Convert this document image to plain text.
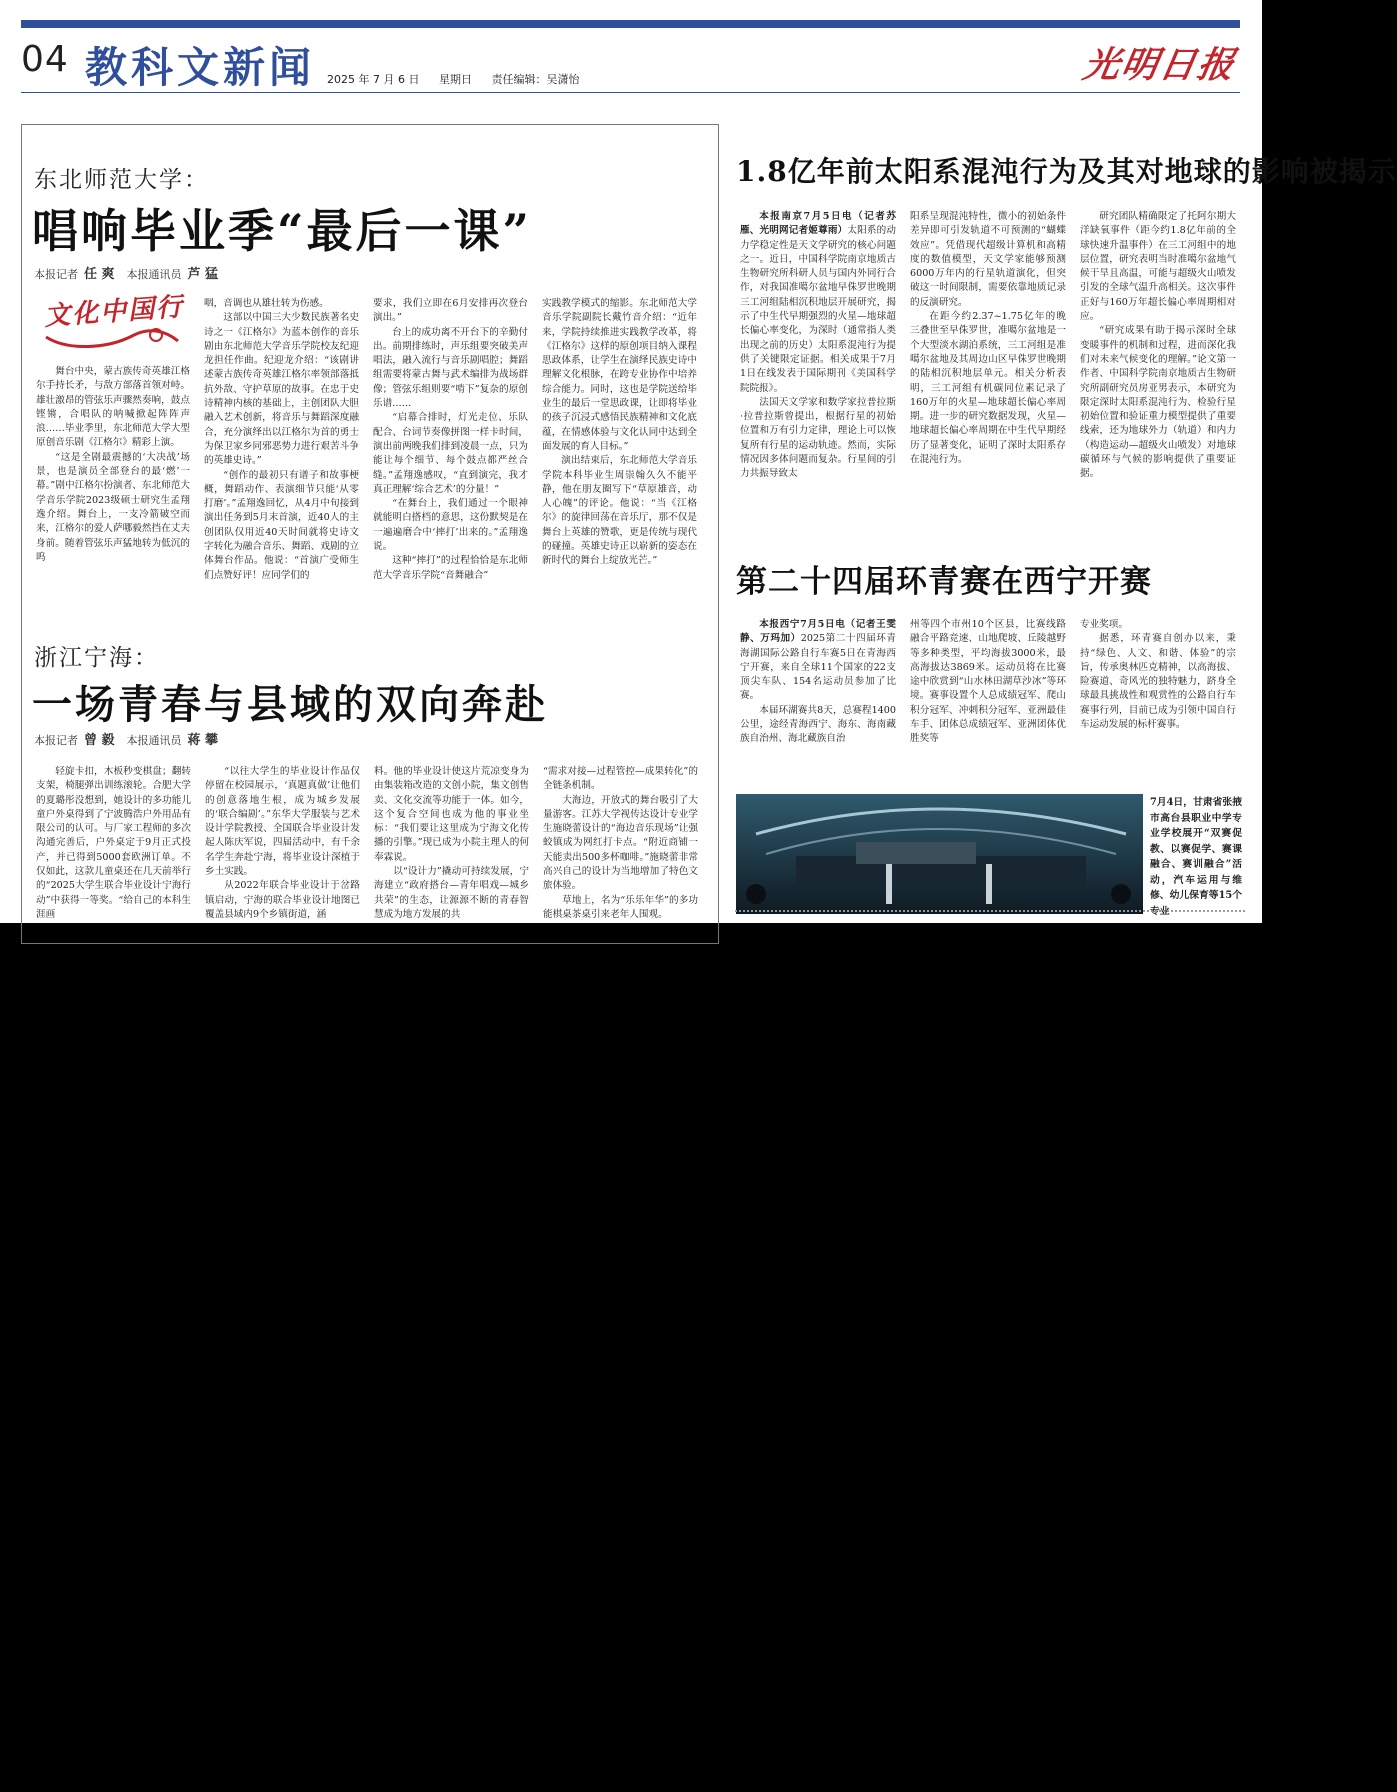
04 教科文新闻 2025 年 7 月 6 日 星期日 责任编辑：吴潇怡	光明日报
东北师范大学：
唱响毕业季“最后一课”
本报记者 任 爽 本报通讯员 芦 猛
文化中国行

舞台中央，蒙古族传奇英雄江格尔手持长矛，与敌方部落首领对峙。雄壮激昂的管弦乐声骤然奏响，鼓点铿锵，合唱队的呐喊掀起阵阵声浪……毕业季里，东北师范大学大型原创音乐剧《江格尔》精彩上演。

“这是全剧最震撼的‘大决战’场景，也是演员全部登台的最‘燃’一幕。”剧中江格尔扮演者、东北师范大学音乐学院2023级硕士研究生孟翔逸介绍。舞台上，一支冷箭破空而来，江格尔的爱人萨哪毅然挡在丈夫身前。随着管弦乐声猛地转为低沉的呜

咽，音调也从雄壮转为伤感。

这部以中国三大少数民族著名史诗之一《江格尔》为蓝本创作的音乐剧由东北师范大学音乐学院校友纪迎龙担任作曲。纪迎龙介绍：“该剧讲述蒙古族传奇英雄江格尔率领部落抵抗外敌、守护草原的故事。在忠于史诗精神内核的基础上，主创团队大胆融入艺术创新，将音乐与舞蹈深度融合，充分演绎出以江格尔为首的勇士为保卫家乡同邪恶势力进行艰苦斗争的英雄史诗。”

“创作的最初只有谱子和故事梗概，舞蹈动作、表演细节只能‘从零打磨’。”孟翔逸回忆，从4月中旬接到演出任务到5月末首演，近40人的主创团队仅用近40天时间就将史诗文字转化为融合音乐、舞蹈、戏剧的立体舞台作品。他说：“首演广受师生们点赞好评！应同学们的

要求，我们立即在6月安排再次登台演出。”

台上的成功离不开台下的辛勤付出。前期排练时，声乐组要突破美声唱法，融入流行与音乐剧唱腔；舞蹈组需要将蒙古舞与武术编排为战场群像；管弦乐组则要“啃下”复杂的原创乐谱……

“启幕合排时，灯光走位、乐队配合、台词节奏像拼图一样卡时间，演出前两晚我们排到凌晨一点，只为能让每个细节、每个鼓点都严丝合缝。”孟翔逸感叹，“直到演完，我才真正理解‘综合艺术’的分量！”

“在舞台上，我们通过一个眼神就能明白搭档的意思，这份默契是在一遍遍磨合中‘摔打’出来的。”孟翔逸说。

这种“摔打”的过程恰恰是东北师范大学音乐学院“音舞融合”

实践教学模式的缩影。东北师范大学音乐学院副院长戴竹音介绍：“近年来，学院持续推进实践教学改革，将《江格尔》这样的原创项目纳入课程思政体系，让学生在演绎民族史诗中理解文化根脉，在跨专业协作中培养综合能力。同时，这也是学院送给毕业生的最后一堂思政课，让即将毕业的孩子沉浸式感悟民族精神和文化底蕴，在情感体验与文化认同中达到全面发展的育人目标。”

演出结束后，东北师范大学音乐学院本科毕业生周崇翰久久不能平静，他在朋友圈写下“草原雄音，动人心魄”的评论。他说：“当《江格尔》的旋律回荡在音乐厅，那不仅是舞台上英雄的赞歌，更是传统与现代的碰撞。英雄史诗正以崭新的姿态在新时代的舞台上绽放光芒。”

浙江宁海：
一场青春与县域的双向奔赴
本报记者 曾 毅 本报通讯员 蒋 攀

轻旋卡扣，木板秒变棋盘；翻转支架，椅腿弹出训练滚轮。合肥大学的夏璐彤没想到，她设计的多功能儿童户外桌得到了宁波腾浩户外用品有限公司的认可。与厂家工程师的多次沟通完善后，户外桌定于9月正式投产，并已得到5000套欧洲订单。不仅如此，这款儿童桌还在几天前举行的“2025大学生联合毕业设计宁海行动”中获得一等奖。“给自己的本科生涯画

“以往大学生的毕业设计作品仅停留在校园展示，‘真题真做’让他们的创意落地生根，成为城乡发展的‘联合编剧’。”东华大学服装与艺术设计学院教授、全国联合毕业设计发起人陈庆军说，四届活动中，有千余名学生奔赴宁海，将毕业设计深植于乡土实践。

从2022年联合毕业设计于岔路镇启动，宁海的联合毕业设计地图已覆盖县域内9个乡镇街道，涵

料。他的毕业设计使这片荒凉变身为由集装箱改造的文创小院，集文创售卖、文化交流等功能于一体。如今，这个复合空间也成为他的事业坐标：“我们要让这里成为宁海文化传播的引擎。”现已成为小院主理人的何奉霖说。

以“设计力”撬动可持续发展，宁海建立“政府搭台—青年唱戏—城乡共荣”的生态，让源源不断的青春智慧成为地方发展的共

“需求对接—过程管控—成果转化”的全链条机制。

大海边，开放式的舞台吸引了大量游客。江苏大学视传达设计专业学生施晓蕾设计的“海边音乐现场”让强蛟镇成为网红打卡点。“附近商铺一天能卖出500多杯咖啡。”施晓蕾非常高兴自己的设计为当地增加了特色文旅体验。

草地上，名为“乐乐年华”的多功能棋桌茶桌引来老年人围观。

1.8亿年前太阳系混沌行为及其对地球的影响被揭示

本报南京7月5日电（记者苏雁、光明网记者姬尊雨）太阳系的动力学稳定性是天文学研究的核心问题之一。近日，中国科学院南京地质古生物研究所科研人员与国内外同行合作，对我国准噶尔盆地早侏罗世晚期三工河组陆相沉积地层开展研究，揭示了中生代早期强烈的火星—地球超长偏心率变化，为深时（通常指人类出现之前的历史）太阳系混沌行为提供了关键限定证据。相关成果于7月1日在线发表于国际期刊《美国科学院院报》。

法国天文学家和数学家拉普拉斯·拉普拉斯曾提出，根据行星的初始位置和万有引力定律，理论上可以恢复所有行星的运动轨迹。然而，实际情况因多体问题而复杂。行星间的引力共振导致太

阳系呈现混沌特性，微小的初始条件差异即可引发轨道不可预测的“蝴蝶效应”。凭借现代超级计算机和高精度的数值模型，天文学家能够预测6000万年内的行星轨道演化，但突破这一时间限制，需要依靠地质记录的反演研究。

在距今约2.37~1.75亿年的晚三叠世至早侏罗世，准噶尔盆地是一个大型淡水湖泊系统，三工河组是准噶尔盆地及其周边山区早侏罗世晚期的陆相沉积地层单元。相关分析表明，三工河组有机碳同位素记录了160万年的火星—地球超长偏心率周期。进一步的研究数据发现，火星—地球超长偏心率周期在中生代早期经历了显著变化，证明了深时太阳系存在混沌行为。

研究团队精确限定了托阿尔期大洋缺氧事件（距今约1.8亿年前的全球快速升温事件）在三工河组中的地层位置，研究表明当时准噶尔盆地气候干旱且高温，可能与超级火山喷发引发的全球气温升高相关。这次事件正好与160万年超长偏心率周期相对应。

“研究成果有助于揭示深时全球变暖事件的机制和过程，进而深化我们对未来气候变化的理解。”论文第一作者、中国科学院南京地质古生物研究所副研究员房亚男表示，本研究为限定深时太阳系混沌行为、检验行星初始位置和验证重力模型提供了重要线索，还为地球外力（轨道）和内力（构造运动—超级火山喷发）对地球碳循环与气候的影响提供了重要证据。

第二十四届环青赛在西宁开赛

本报西宁7月5日电（记者王雯静、万玛加）2025第二十四届环青海湖国际公路自行车赛5日在青海西宁开赛，来自全球11个国家的22支顶尖车队、154名运动员参加了比赛。

本届环湖赛共8天，总赛程1400公里，途经青海西宁、海东、海南藏族自治州、海北藏族自治

州等四个市州10个区县，比赛线路融合平路竞速、山地爬坡、丘陵越野等多种类型，平均海拔3000米，最高海拔达3869米。运动员将在比赛途中欣赏到“山水林田湖草沙冰”等环境。赛事设置个人总成绩冠军、爬山积分冠军、冲刺积分冠军、亚洲最佳车手、团体总成绩冠军、亚洲团体优胜奖等

专业奖项。

据悉，环青赛自创办以来，秉持“绿色、人文、和谐、体验”的宗旨，传承奥林匹克精神，以高海拔、险赛道、奇风光的独特魅力，跻身全球最具挑战性和观赏性的公路自行车赛事行列，目前已成为引领中国自行车运动发展的标杆赛事。

7月4日，甘肃省张掖市高台县职业中学专业学校展开“双赛促教、以赛促学、赛课融合、赛训融合”活动，汽车运用与维修、幼儿保育等15个专业
